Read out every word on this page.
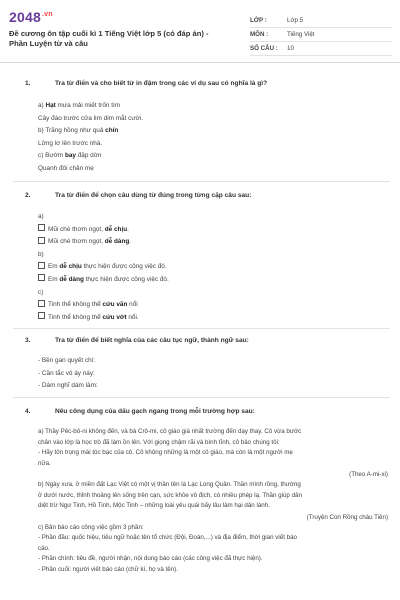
$2048^{.vn}$
Đề cương ôn tập cuối kì 1 Tiếng Việt lớp 5 (có đáp án) -
Phần Luyện từ và câu
LỚP :	Lớp 5
MÔN :	Tiếng Việt
SỐ CÂU :	10
1.	Tra từ điển và cho biết từ in đậm trong các ví dụ sau có nghĩa là gì?
a) Hạt mưa mải miết trốn tìm
Cây đào trước cửa lim dim mắt cười.
b) Trăng hồng như quả chín
Lửng lơ lên trước nhà.
c) Bướm bay đập dờn
Quanh đôi chân mẹ
2.	Tra từ điển để chọn câu dùng từ đúng trong từng cặp câu sau:
a)
Mũi chè thơm ngọt, dễ chịu.
Mũi chè thơm ngọt, dễ dàng.
b)
Em dễ chịu thực hiện được công việc đó.
Em dễ dàng thực hiện được công việc đó.
c)
Tinh thể không thể cứu vãn nổi
Tinh thể không thể cứu vớt nổi.
3.	Tra từ điển để biết nghĩa của các câu tục ngữ, thành ngữ sau:
- Bền gan quyết chí:
- Cần tắc vô áy náy:
- Dám nghĩ dám làm:
4.	Nêu công dụng của dấu gạch ngang trong mỗi trường hợp sau:
a) Thầy Pêc-bô-ni không đến, và bà Crô-mi, cô giáo già nhất trường đến dạy thay. Cô vừa bước
chân vào lớp là học trò đã làm ồn lên. Với giọng chậm rãi và bình tĩnh, cô bảo chúng tôi:
- Hãy tôn trọng mái tóc bạc của cô. Cô không những là một cô giáo, mà còn là một người mẹ
nữa.
(Theo A-mi-xi)
b) Ngày xưa, ở miền đất Lạc Việt có một vị thần tên là Lạc Long Quân. Thần mình rồng, thường
ở dưới nước, thỉnh thoảng lên sống trên cạn, sức khỏe vô địch, có nhiều phép lạ. Thần giúp dân
diệt trừ Ngư Tinh, Hồ Tinh, Mộc Tinh – những loài yêu quái bấy lâu làm hại dân lành.
(Truyện Con Rồng cháu Tiên)
c) Bản báo cáo công việc gồm 3 phần:
- Phần đầu: quốc hiệu, tiêu ngữ hoặc tên tổ chức (Đội, Đoàn,...) và địa điểm, thời gian viết báo
cáo.
- Phần chính: tiêu đề, người nhận, nội dung báo cáo (các công việc đã thực hiện).
- Phần cuối: người viết báo cáo (chữ kí, họ và tên).
